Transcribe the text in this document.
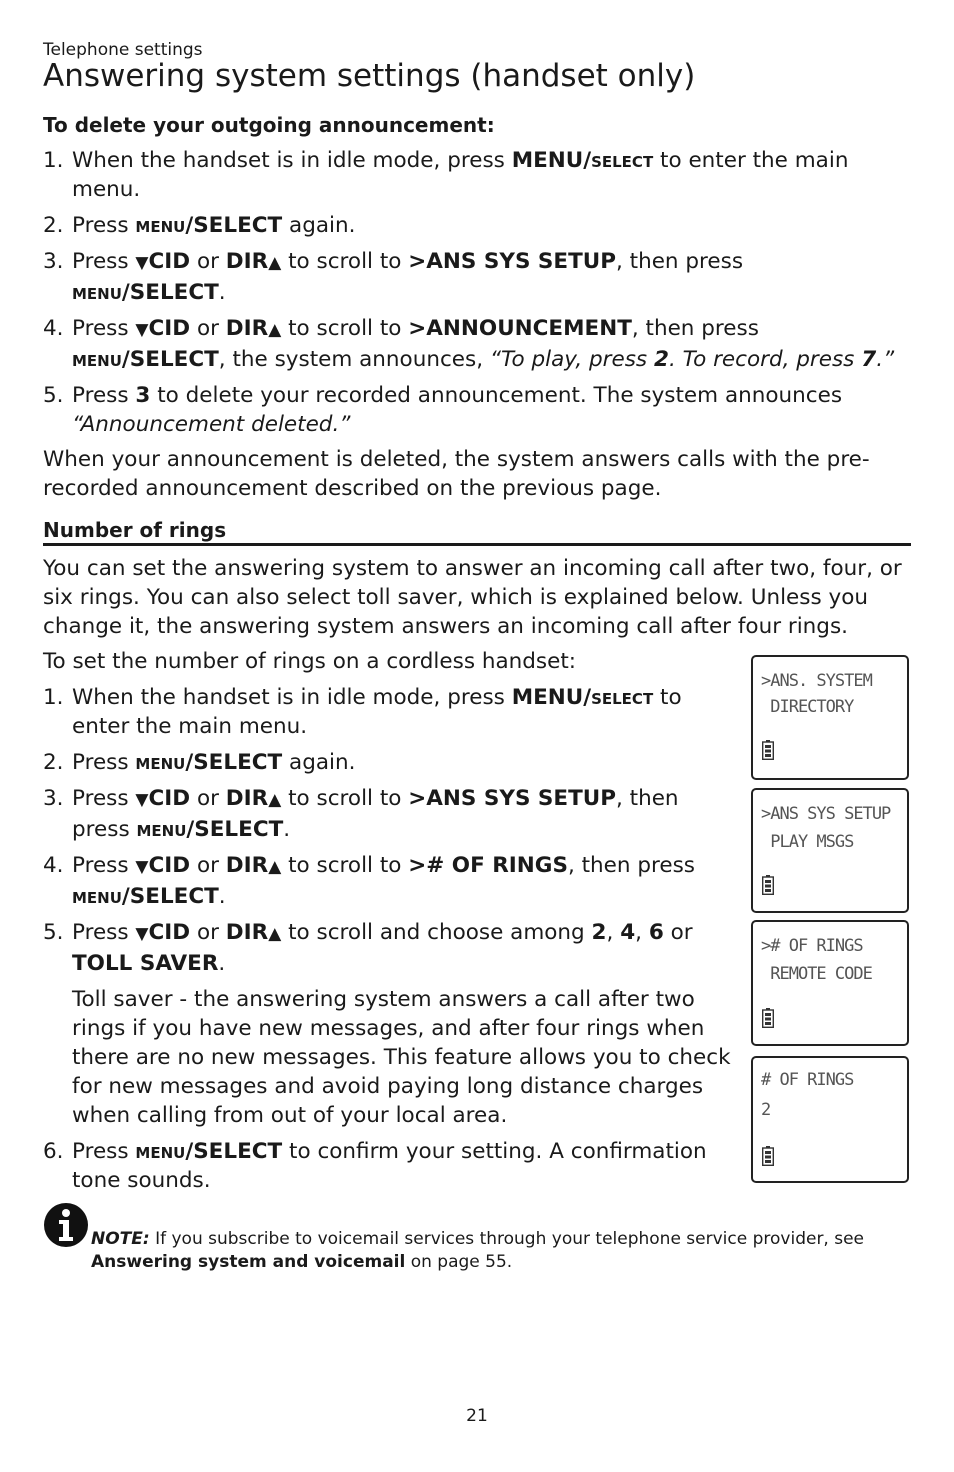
Telephone settings
Answering system settings (handset only)
To delete your outgoing announcement:
1. When the handset is in idle mode, press MENU/select to enter the main menu.
2. Press menu/SELECT again.
3. Press ▼CID or DIR▲ to scroll to >ANS SYS SETUP, then press
menu/SELECT.
4. Press ▼CID or DIR▲ to scroll to >ANNOUNCEMENT, then press
menu/SELECT, the system announces, “To play, press 2. To record, press 7.”
5. Press 3 to delete your recorded announcement. The system announces “Announcement deleted.”

When your announcement is deleted, the system answers calls with the pre-recorded announcement described on the previous page.

Number of rings

You can set the answering system to answer an incoming call after two, four, or six rings. You can also select toll saver, which is explained below. Unless you change it, the answering system answers an incoming call after four rings.

To set the number of rings on a cordless handset:

1. When the handset is in idle mode, press MENU/select to enter the main menu.
2. Press menu/SELECT again.
3. Press ▼CID or DIR▲ to scroll to >ANS SYS SETUP, then press menu/SELECT.
4. Press ▼CID or DIR▲ to scroll to ># OF RINGS, then press
menu/SELECT.
5. Press ▼CID or DIR▲ to scroll and choose among 2, 4, 6 or
TOLL SAVER.

Toll saver - the answering system answers a call after two rings if you have new messages, and after four rings when there are no new messages. This feature allows you to check for new messages and avoid paying long distance charges when calling from out of your local area.

6. Press menu/SELECT to confirm your setting. A confirmation tone sounds.
>ANS. SYSTEM
DIRECTORY
>ANS SYS SETUP
PLAY MSGS
># OF RINGS
REMOTE CODE
# OF RINGS
2
NOTE: If you subscribe to voicemail services through your telephone service provider, see Answering system and voicemail on page 55.
21
